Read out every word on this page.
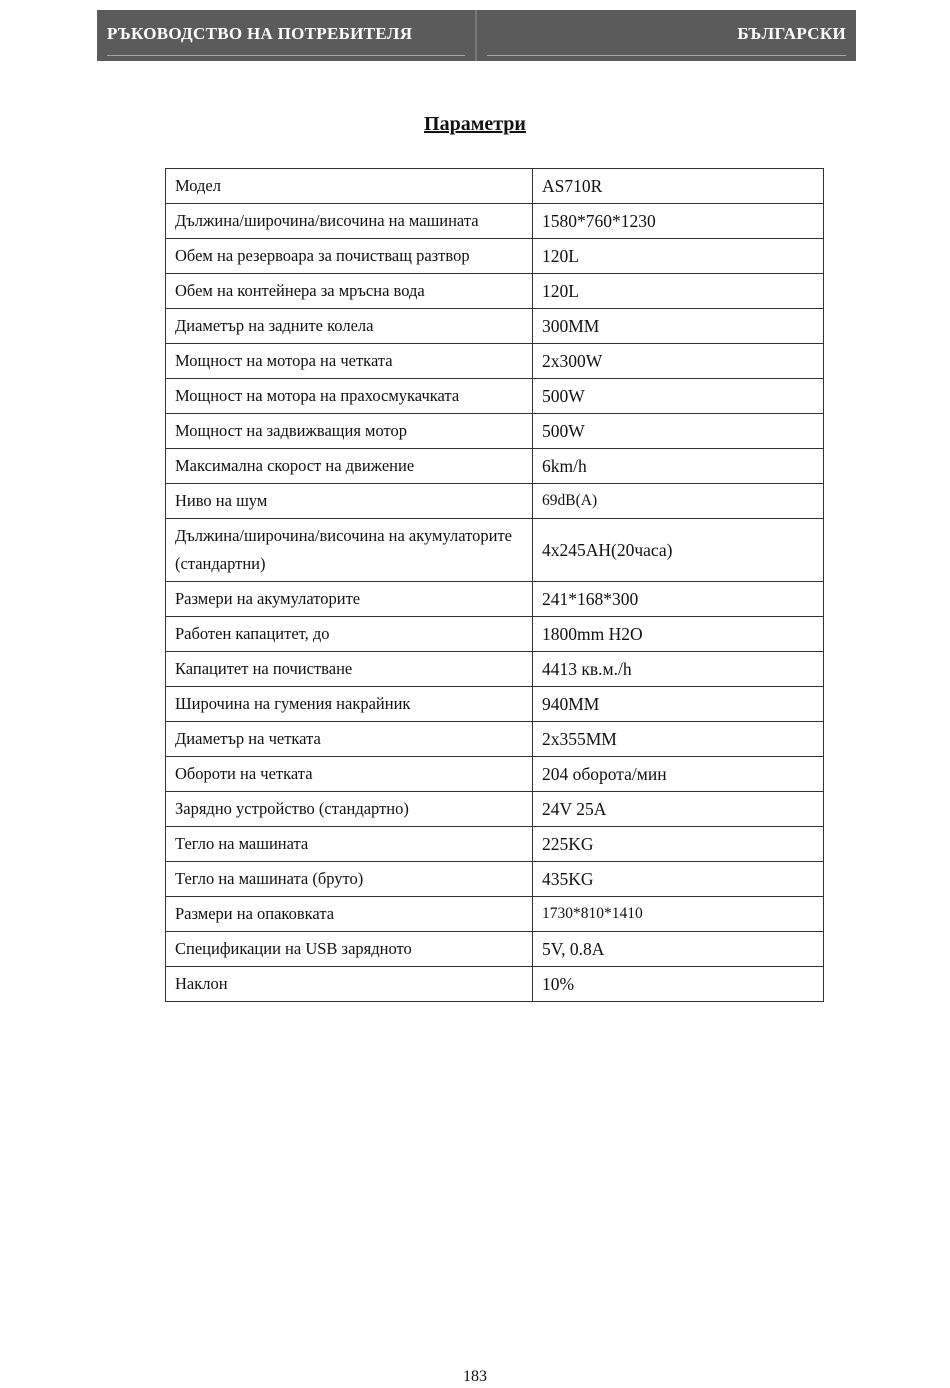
РЪКОВОДСТВО НА ПОТРЕБИТЕЛЯ	БЪЛГАРСКИ
Параметри
Модел	AS710R
Дължина/широчина/височина на машината	1580*760*1230
Обем на резервоара за почистващ разтвор	120L
Обем на контейнера за мръсна вода	120L
Диаметър на задните колела	300MM
Мощност на мотора на четката	2x300W
Мощност на мотора на прахосмукачката	500W
Мощност на задвижващия мотор	500W
Максимална скорост на движение	6km/h
Ниво на шум	69dB(A)
Дължина/широчина/височина на акумулаторите (стандартни)	4x245AH(20часа)
Размери на акумулаторите	241*168*300
Работен капацитет, до	1800mm H2O
Капацитет на почистване	4413 кв.м./h
Широчина на гумения накрайник	940MM
Диаметър на четката	2x355MM
Обороти на четката	204 оборота/мин
Зарядно устройство (стандартно)	24V 25A
Тегло на машината	225KG
Тегло на машината (бруто)	435KG
Размери на опаковката	1730*810*1410
Спецификации на USB зарядното	5V, 0.8A
Наклон	10%
183
